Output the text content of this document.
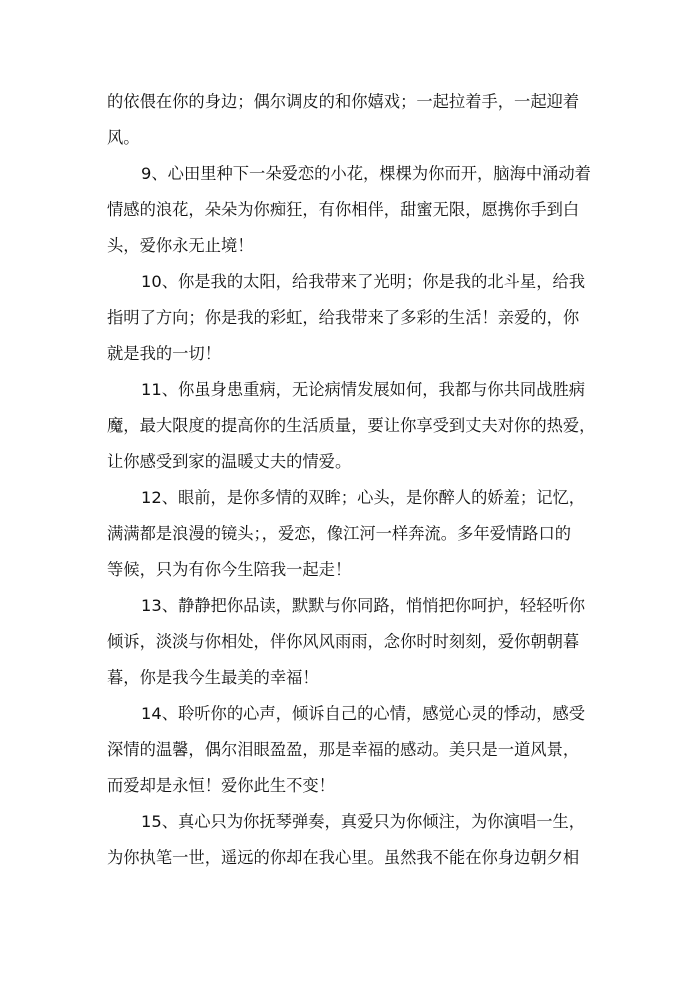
的依偎在你的身边；偶尔调皮的和你嬉戏；一起拉着手，一起迎着
风。
9、心田里种下一朵爱恋的小花，棵棵为你而开，脑海中涌动着
情感的浪花，朵朵为你痴狂，有你相伴，甜蜜无限，愿携你手到白
头，爱你永无止境！
10、你是我的太阳，给我带来了光明；你是我的北斗星，给我
指明了方向；你是我的彩虹，给我带来了多彩的生活！亲爱的，你
就是我的一切！
11、你虽身患重病，无论病情发展如何，我都与你共同战胜病
魔，最大限度的提高你的生活质量，要让你享受到丈夫对你的热爱，
让你感受到家的温暖丈夫的情爱。
12、眼前，是你多情的双眸；心头，是你醉人的娇羞；记忆，
满满都是浪漫的镜头；，爱恋，像江河一样奔流。多年爱情路口的
等候，只为有你今生陪我一起走！
13、静静把你品读，默默与你同路，悄悄把你呵护，轻轻听你
倾诉，淡淡与你相处，伴你风风雨雨，念你时时刻刻，爱你朝朝暮
暮，你是我今生最美的幸福！
14、聆听你的心声，倾诉自己的心情，感觉心灵的悸动，感受
深情的温馨，偶尔泪眼盈盈，那是幸福的感动。美只是一道风景，
而爱却是永恒！爱你此生不变！
15、真心只为你抚琴弹奏，真爱只为你倾注，为你演唱一生，
为你执笔一世，遥远的你却在我心里。虽然我不能在你身边朝夕相
